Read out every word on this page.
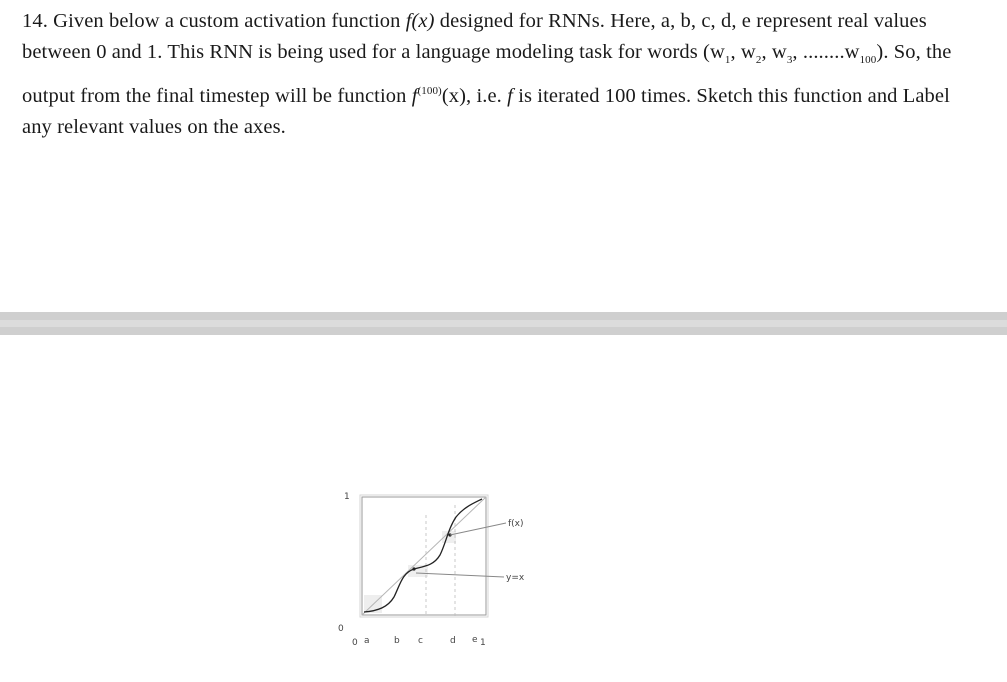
14. Given below a custom activation function f(x) designed for RNNs. Here, a, b, c, d, e represent real values between 0 and 1. This RNN is being used for a language modeling task for words ($w_1$, $w_2$, $w_3$, $........w_{100}$). So, the output from the final timestep will be function $f^{(100)}(x)$, i.e. f is iterated 100 times. Sketch this function and Label any relevant values on the axes.
f(x)
y=x
1
0
0 a	b c	d e 1
